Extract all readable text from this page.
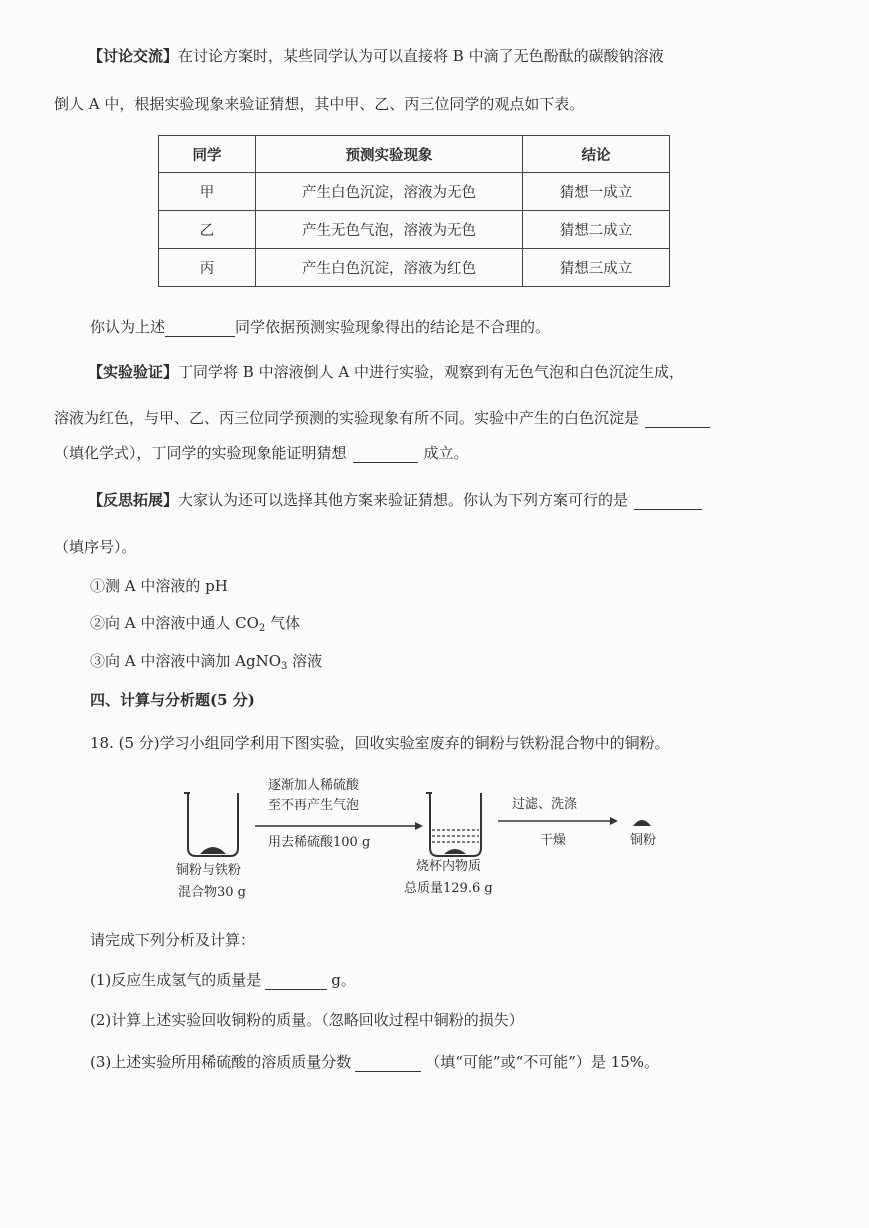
【讨论交流】在讨论方案时，某些同学认为可以直接将 B 中滴了无色酚酞的碳酸钠溶液
倒人 A 中，根据实验现象来验证猜想，其中甲、乙、丙三位同学的观点如下表。
同学	预测实验现象	结论
甲	产生白色沉淀，溶液为无色	猜想一成立
乙	产生无色气泡，溶液为无色	猜想二成立
丙	产生白色沉淀，溶液为红色	猜想三成立
你认为上述	同学依据预测实验现象得出的结论是不合理的。
【实验验证】丁同学将 B 中溶液倒人 A 中进行实验，观察到有无色气泡和白色沉淀生成，
溶液为红色，与甲、乙、丙三位同学预测的实验现象有所不同。实验中产生的白色沉淀是
（填化学式），丁同学的实验现象能证明猜想	成立。
【反思拓展】大家认为还可以选择其他方案来验证猜想。你认为下列方案可行的是
（填序号）。
①测 A 中溶液的 pH
②向 A 中溶液中通人 $CO_2$ 气体
③向 A 中溶液中滴加 AgNO$_3$ 溶液
四、计算与分析题(5 分)
18. (5 分)学习小组同学利用下图实验，回收实验室废弃的铜粉与铁粉混合物中的铜粉。
逐渐加人稀硫酸
至不再产生气泡
用去稀硫酸100 g
铜粉与铁粉
混合物30 g
烧杯内物质
总质量129.6 g
过滤、洗涤
干燥	铜粉
请完成下列分析及计算：
(1)反应生成氢气的质量是	g。
(2)计算上述实验回收铜粉的质量。（忽略回收过程中铜粉的损失）
(3)上述实验所用稀硫酸的溶质质量分数	（填“可能”或“不可能”）是 15%。
